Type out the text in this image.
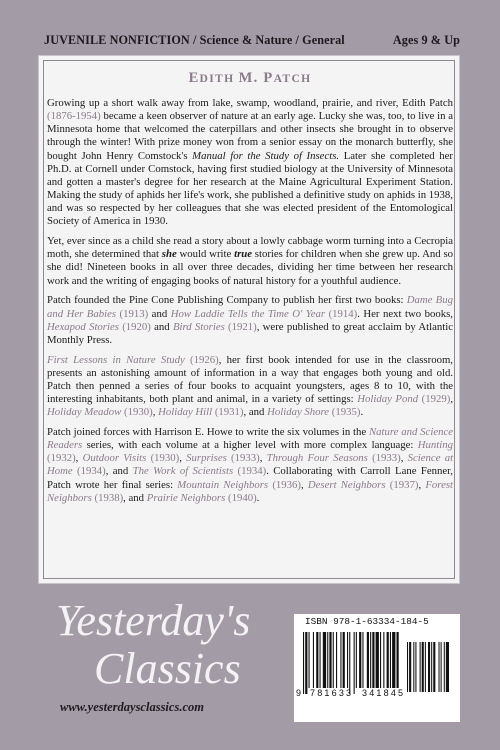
JUVENILE NONFICTION / Science & Nature / General	Ages 9 & Up
EDITH M. PATCH

Growing up a short walk away from lake, swamp, woodland, prairie, and river, Edith Patch (1876-1954) became a keen observer of nature at an early age. Lucky she was, too, to live in a Minnesota home that welcomed the caterpillars and other insects she brought in to observe through the winter! With prize money won from a senior essay on the monarch butterfly, she bought John Henry Comstock's Manual for the Study of Insects. Later she completed her Ph.D. at Cornell under Comstock, having first studied biology at the University of Minnesota and gotten a master's degree for her research at the Maine Agricultural Experiment Station. Making the study of aphids her life's work, she published a definitive study on aphids in 1938, and was so respected by her colleagues that she was elected president of the Entomological Society of America in 1930.

Yet, ever since as a child she read a story about a lowly cabbage worm turning into a Cecropia moth, she determined that she would write true stories for children when she grew up. And so she did! Nineteen books in all over three decades, dividing her time between her research work and the writing of engaging books of natural history for a youthful audience.

Patch founded the Pine Cone Publishing Company to publish her first two books: Dame Bug and Her Babies (1913) and How Laddie Tells the Time O' Year (1914). Her next two books, Hexapod Stories (1920) and Bird Stories (1921), were published to great acclaim by Atlantic Monthly Press.

First Lessons in Nature Study (1926), her first book intended for use in the classroom, presents an astonishing amount of information in a way that engages both young and old. Patch then penned a series of four books to acquaint youngsters, ages 8 to 10, with the interesting inhabitants, both plant and animal, in a variety of settings: Holiday Pond (1929), Holiday Meadow (1930), Holiday Hill (1931), and Holiday Shore (1935).

Patch joined forces with Harrison E. Howe to write the six volumes in the Nature and Science Readers series, with each volume at a higher level with more complex language: Hunting (1932), Outdoor Visits (1930), Surprises (1933), Through Four Seasons (1933), Science at Home (1934), and The Work of Scientists (1934). Collaborating with Carroll Lane Fenner, Patch wrote her final series: Mountain Neighbors (1936), Desert Neighbors (1937), Forest Neighbors (1938), and Prairie Neighbors (1940).

Yesterday's
Classics
www.yesterdaysclassics.com
ISBN 978-1-63334-184-5
9 781633 341845
